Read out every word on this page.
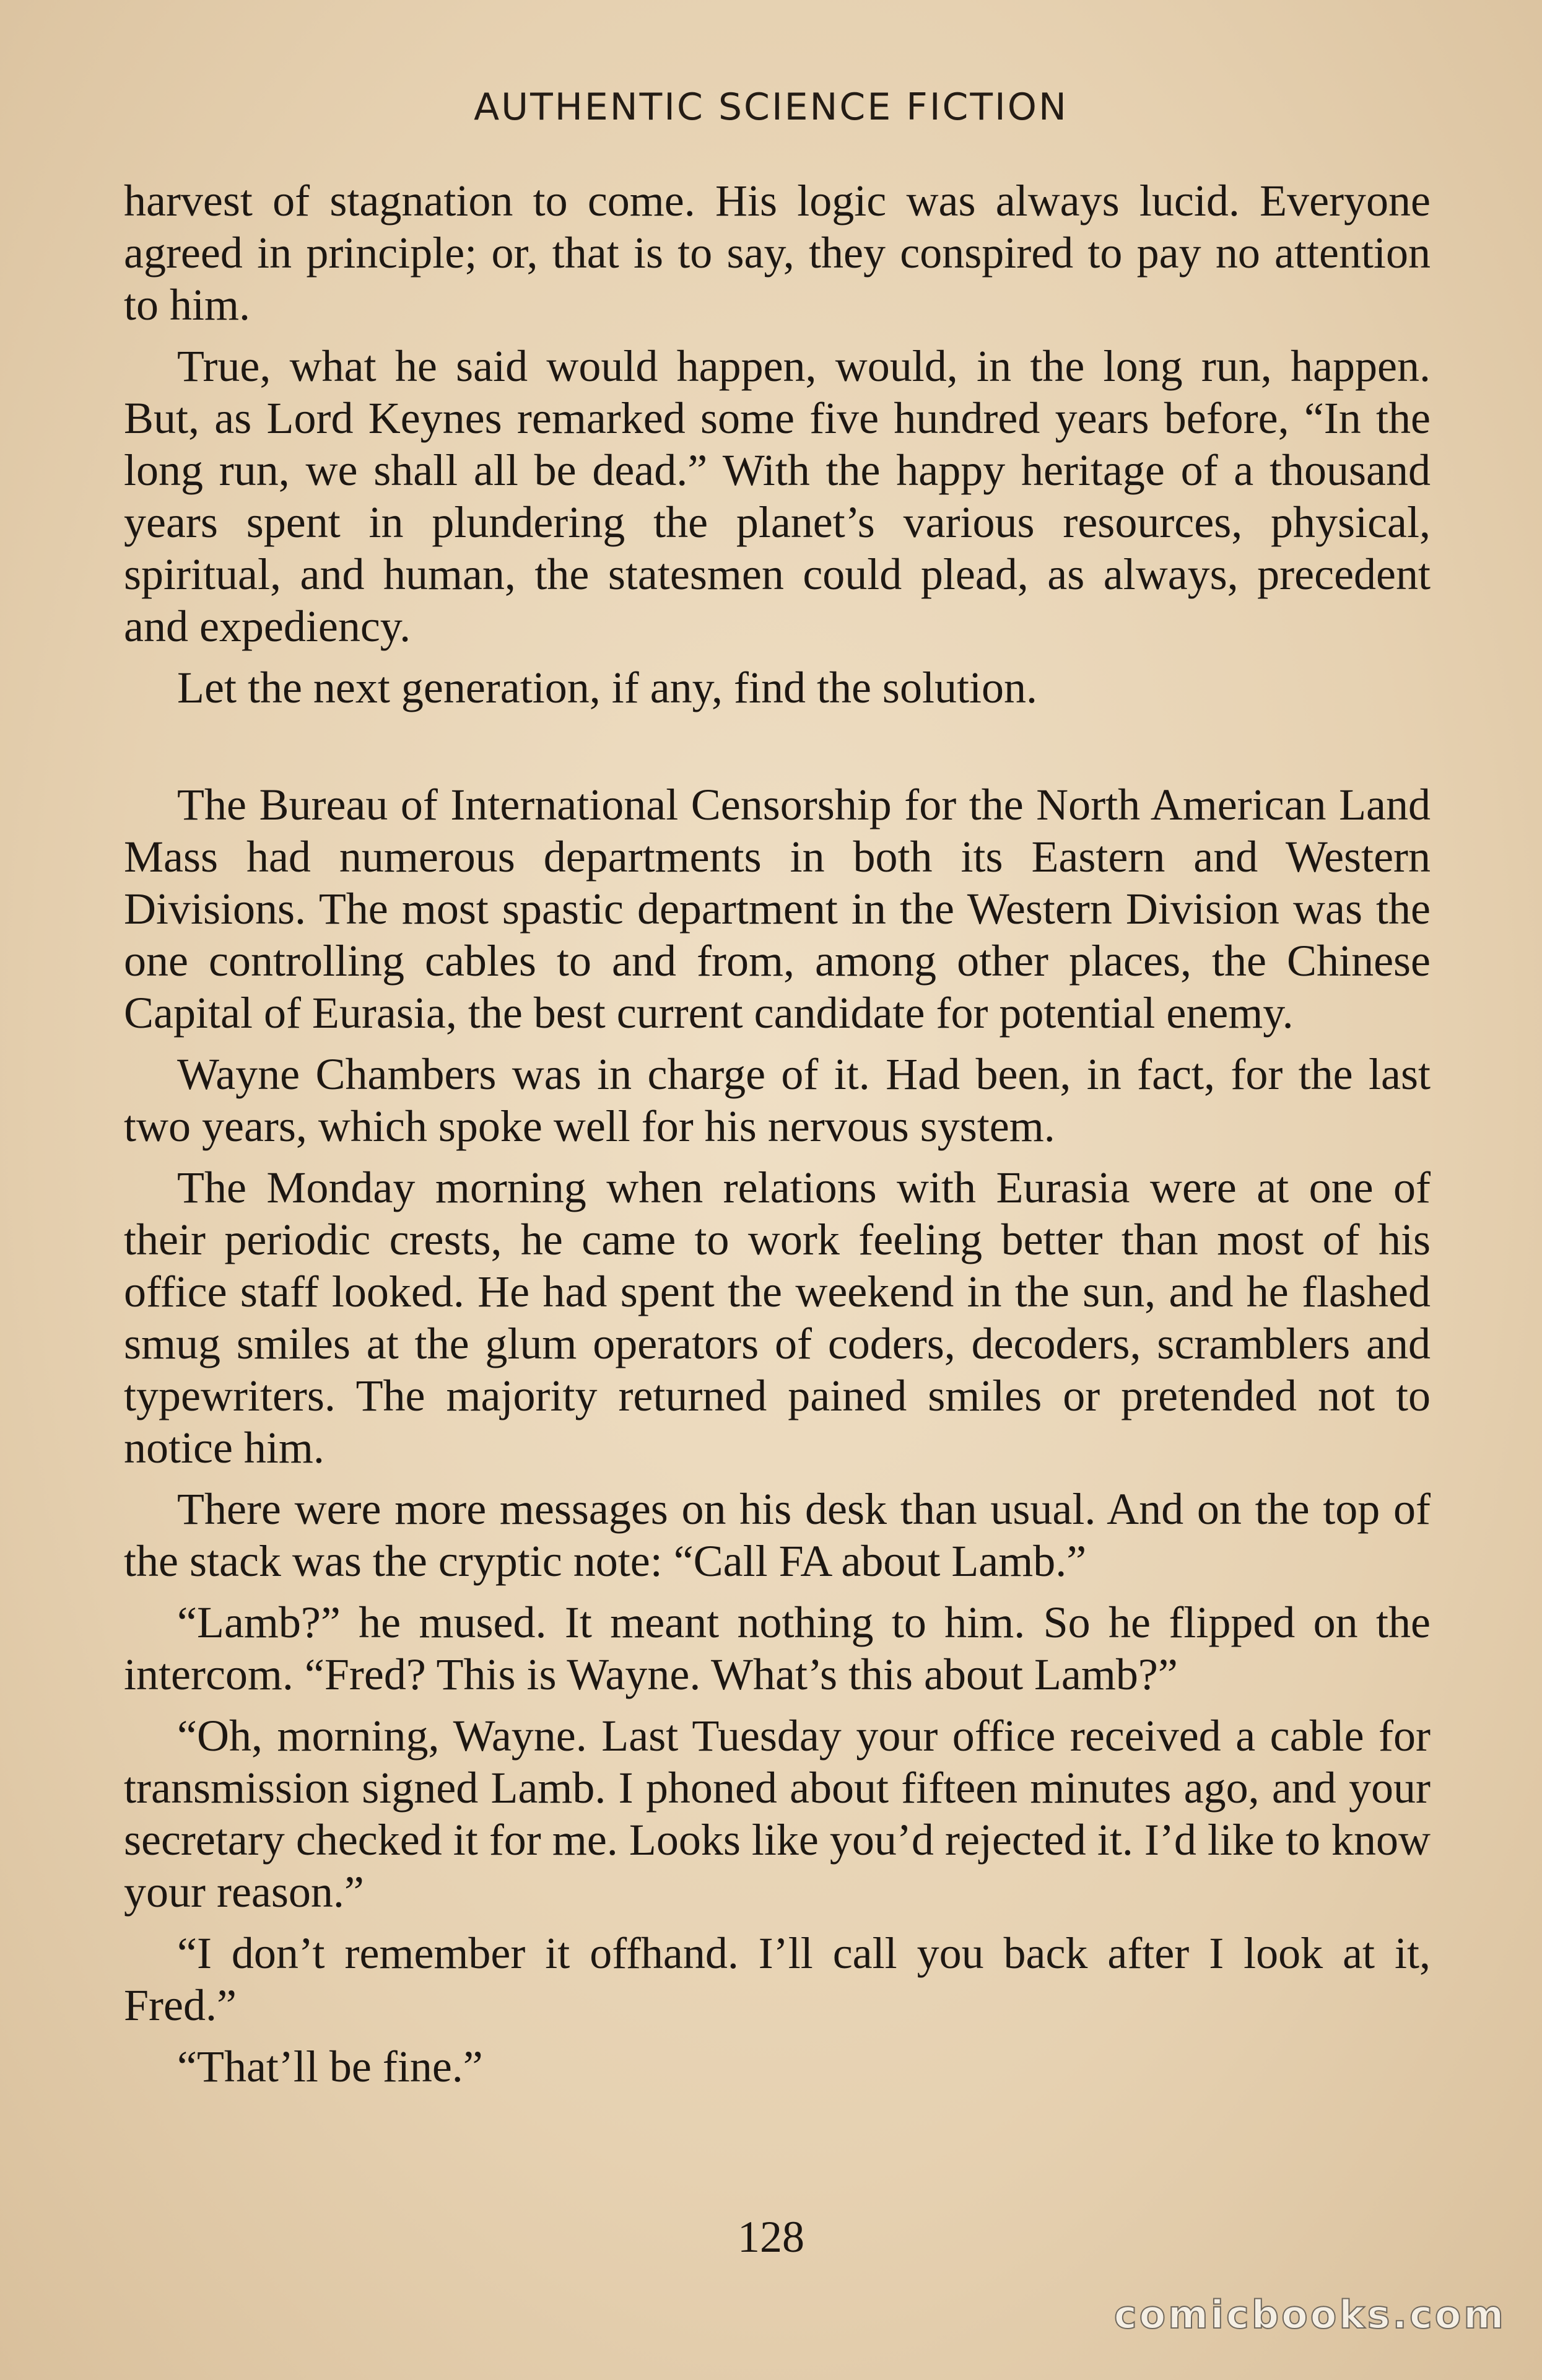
AUTHENTIC SCIENCE FICTION

harvest of stagnation to come. His logic was always lucid. Everyone agreed in principle; or, that is to say, they conspired to pay no attention to him.

True, what he said would happen, would, in the long run, happen. But, as Lord Keynes remarked some five hundred years before, “In the long run, we shall all be dead.” With the happy heritage of a thousand years spent in plundering the planet’s various resources, physical, spiritual, and human, the statesmen could plead, as always, precedent and expediency.

Let the next generation, if any, find the solution.

The Bureau of International Censorship for the North American Land Mass had numerous departments in both its Eastern and Western Divisions. The most spastic department in the Western Division was the one controlling cables to and from, among other places, the Chinese Capital of Eurasia, the best current candidate for potential enemy.

Wayne Chambers was in charge of it. Had been, in fact, for the last two years, which spoke well for his nervous system.

The Monday morning when relations with Eurasia were at one of their periodic crests, he came to work feeling better than most of his office staff looked. He had spent the weekend in the sun, and he flashed smug smiles at the glum operators of coders, decoders, scramblers and typewriters. The majority returned pained smiles or pretended not to notice him.

There were more messages on his desk than usual. And on the top of the stack was the cryptic note: “Call FA about Lamb.”

“Lamb?” he mused. It meant nothing to him. So he flipped on the intercom. “Fred? This is Wayne. What’s this about Lamb?”

“Oh, morning, Wayne. Last Tuesday your office received a cable for transmission signed Lamb. I phoned about fifteen minutes ago, and your secretary checked it for me. Looks like you’d rejected it. I’d like to know your reason.”

“I don’t remember it offhand. I’ll call you back after I look at it, Fred.”

“That’ll be fine.”

128
comicbooks.com
